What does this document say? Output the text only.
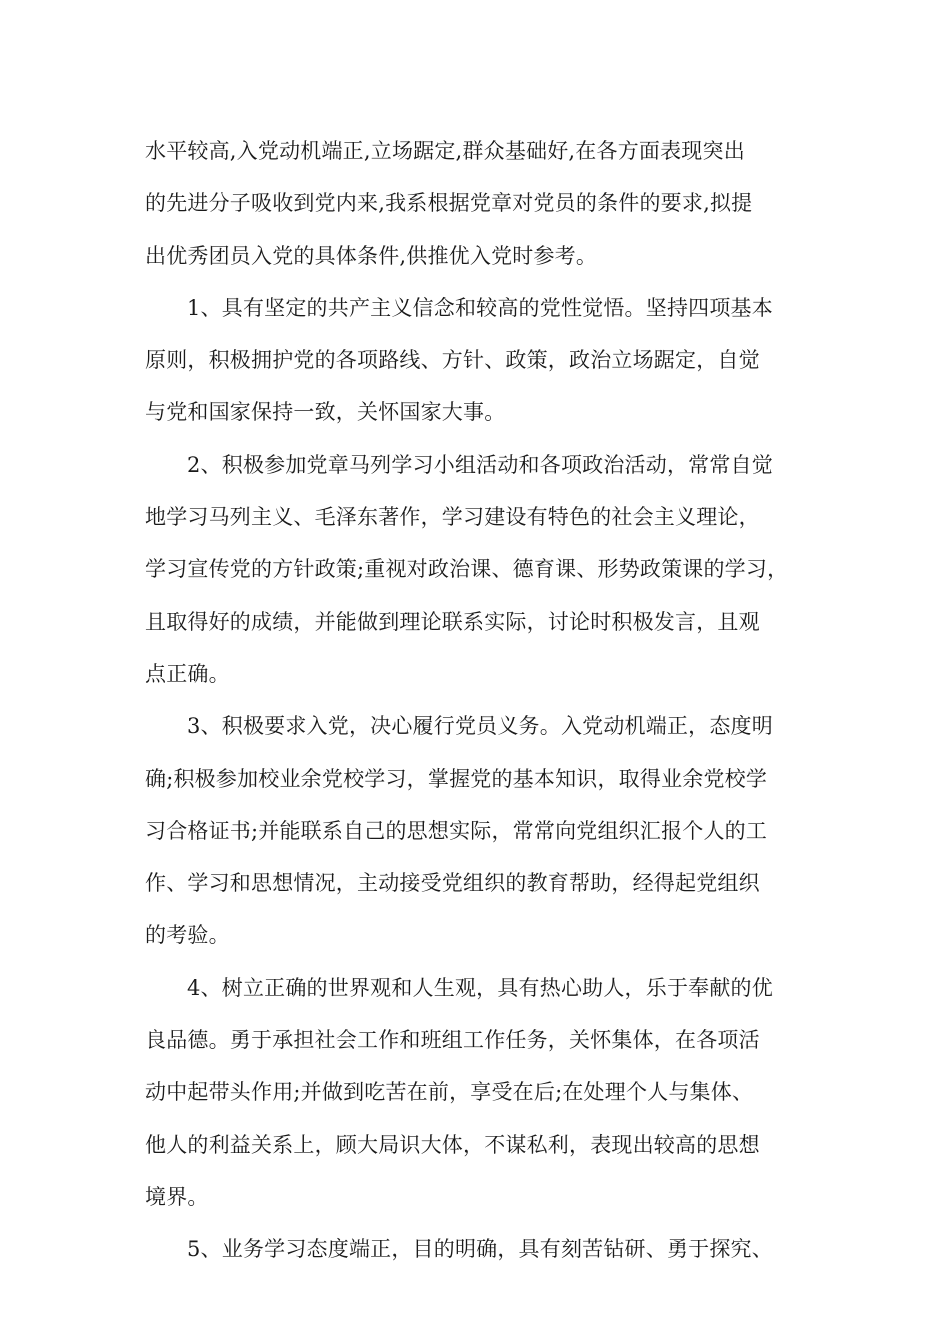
水平较高,入党动机端正,立场踞定,群众基础好,在各方面表现突出
的先进分子吸收到党内来,我系根据党章对党员的条件的要求,拟提
出优秀团员入党的具体条件,供推优入党时参考。
1、具有坚定的共产主义信念和较高的党性觉悟。坚持四项基本
原则，积极拥护党的各项路线、方针、政策，政治立场踞定，自觉
与党和国家保持一致，关怀国家大事。
2、积极参加党章马列学习小组活动和各项政治活动，常常自觉
地学习马列主义、毛泽东著作，学习建设有特色的社会主义理论，
学习宣传党的方针政策;重视对政治课、德育课、形势政策课的学习，
且取得好的成绩，并能做到理论联系实际，讨论时积极发言，且观
点正确。
3、积极要求入党，决心履行党员义务。入党动机端正，态度明
确;积极参加校业余党校学习，掌握党的基本知识，取得业余党校学
习合格证书;并能联系自己的思想实际，常常向党组织汇报个人的工
作、学习和思想情况，主动接受党组织的教育帮助，经得起党组织
的考验。
4、树立正确的世界观和人生观，具有热心助人，乐于奉献的优
良品德。勇于承担社会工作和班组工作任务，关怀集体，在各项活
动中起带头作用;并做到吃苦在前，享受在后;在处理个人与集体、
他人的利益关系上，顾大局识大体，不谋私利，表现出较高的思想
境界。
5、业务学习态度端正，目的明确，具有刻苦钻研、勇于探究、
